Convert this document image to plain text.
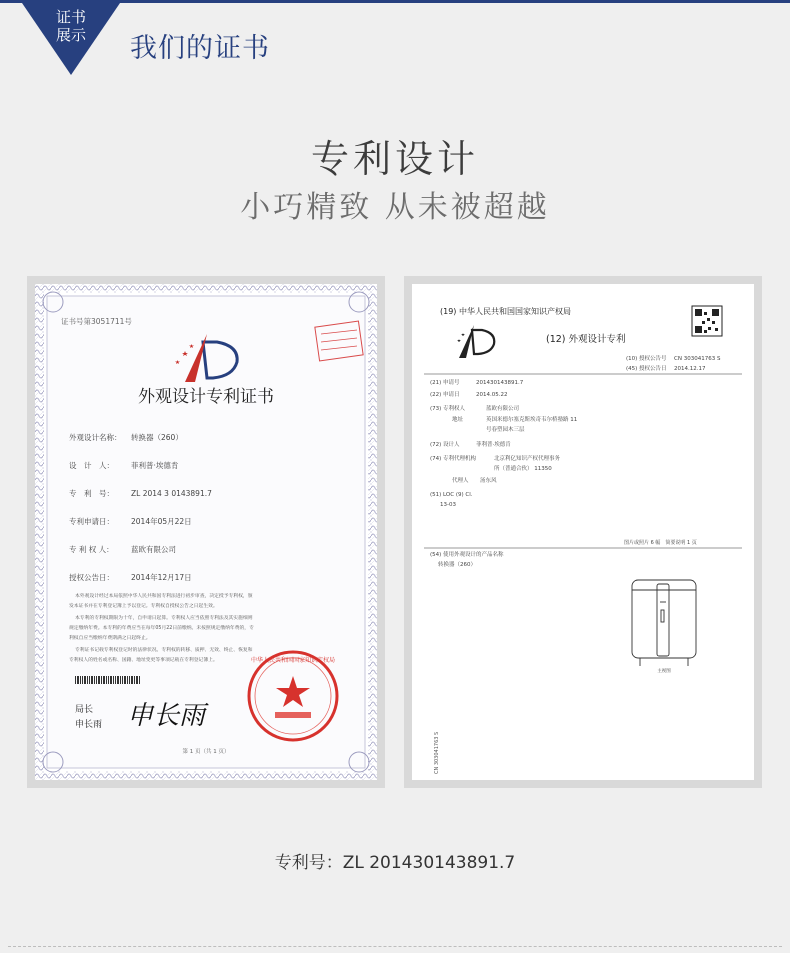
证书
展示	我们的证书
专利设计
小巧精致 从未被超越
证书号第3051711号
外观设计专利证书
外观设计名称： 转换器（260）
设　计　人： 菲利普·埃德肯
专　利　号： ZL 2014 3 0143891.7
专利申请日： 2014年05月22日
专 利 权 人： 蓝欧有限公司
授权公告日： 2014年12月17日
本外观设计经过本局依照中华人民共和国专利法进行初步审查，决定授予专利权，颁
发本证书并在专利登记簿上予以登记。专利权自授权公告之日起生效。
本专利的专利权期限为十年，自申请日起算。专利权人应当依照专利法及其实施细则
规定缴纳年费。本专利的年费应当在每年05月22日前缴纳。未按照规定缴纳年费的，专
利权自应当缴纳年费期满之日起终止。
专利证书记载专利权登记时的法律状况。专利权的转移、质押、无效、终止、恢复和
专利权人的姓名或名称、国籍、地址变更等事项记载在专利登记簿上。
局长
申长雨 申长雨
中华人民共和国国家知识产权局
第 1 页（共 1 页）
(19) 中华人民共和国国家知识产权局
(12) 外观设计专利
(10) 授权公告号 CN 303041763 S
(45) 授权公告日 2014.12.17
(21) 申请号	201430143891.7
(22) 申请日	2014.05.22
(73) 专利权人	蓝欧有限公司
地址	英国米德尔塞克斯埃奇韦尔桥塾路 11
号春塑园木三层
(72) 设计人	菲利普·埃德肯
(74) 专利代理机构	北京利亿知识产权代理事务
所（普通合伙） 11350
代理人 汤东风
(51) LOC (9) Cl.
13-03
图片或照片 6 幅　简要说明 1 页
(54) 使用外观设计的产品名称
转换器（260）
主视图
CN 303041763 S
专利号：ZL 201430143891.7
